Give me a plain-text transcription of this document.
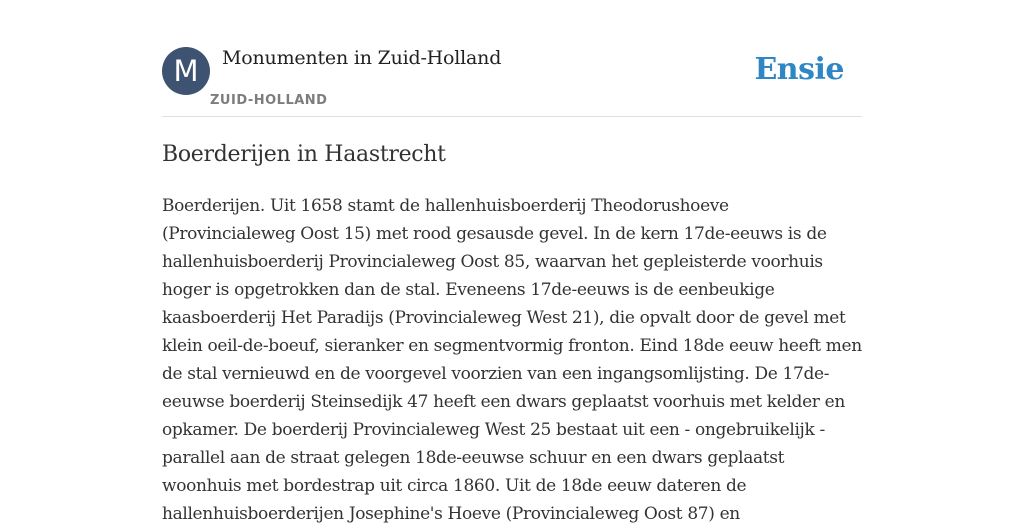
M	Monumenten in Zuid-Holland
ZUID-HOLLAND
Ensie
Boerderijen in Haastrecht

Boerderijen. Uit 1658 stamt de hallenhuisboerderij Theodorushoeve (Provincialeweg Oost 15) met rood gesausde gevel. In de kern 17de-eeuws is de hallenhuisboerderij Provincialeweg Oost 85, waarvan het gepleisterde voorhuis hoger is opgetrokken dan de stal. Eveneens 17de-eeuws is de eenbeukige kaasboerderij Het Paradijs (Provincialeweg West 21), die opvalt door de gevel met klein oeil-de-boeuf, sieranker en segmentvormig fronton. Eind 18de eeuw heeft men de stal vernieuwd en de voorgevel voorzien van een ingangsomlijsting. De 17de-eeuwse boerderij Steinsedijk 47 heeft een dwars geplaatst voorhuis met kelder en opkamer. De boerderij Provincialeweg West 25 bestaat uit een - ongebruikelijk - parallel aan de straat gelegen 18de-eeuwse schuur en een dwars geplaatst woonhuis met bordestrap uit circa 1860. Uit de 18de eeuw dateren de hallenhuisboerderijen Josephine's Hoeve (Provincialeweg Oost 87) en
